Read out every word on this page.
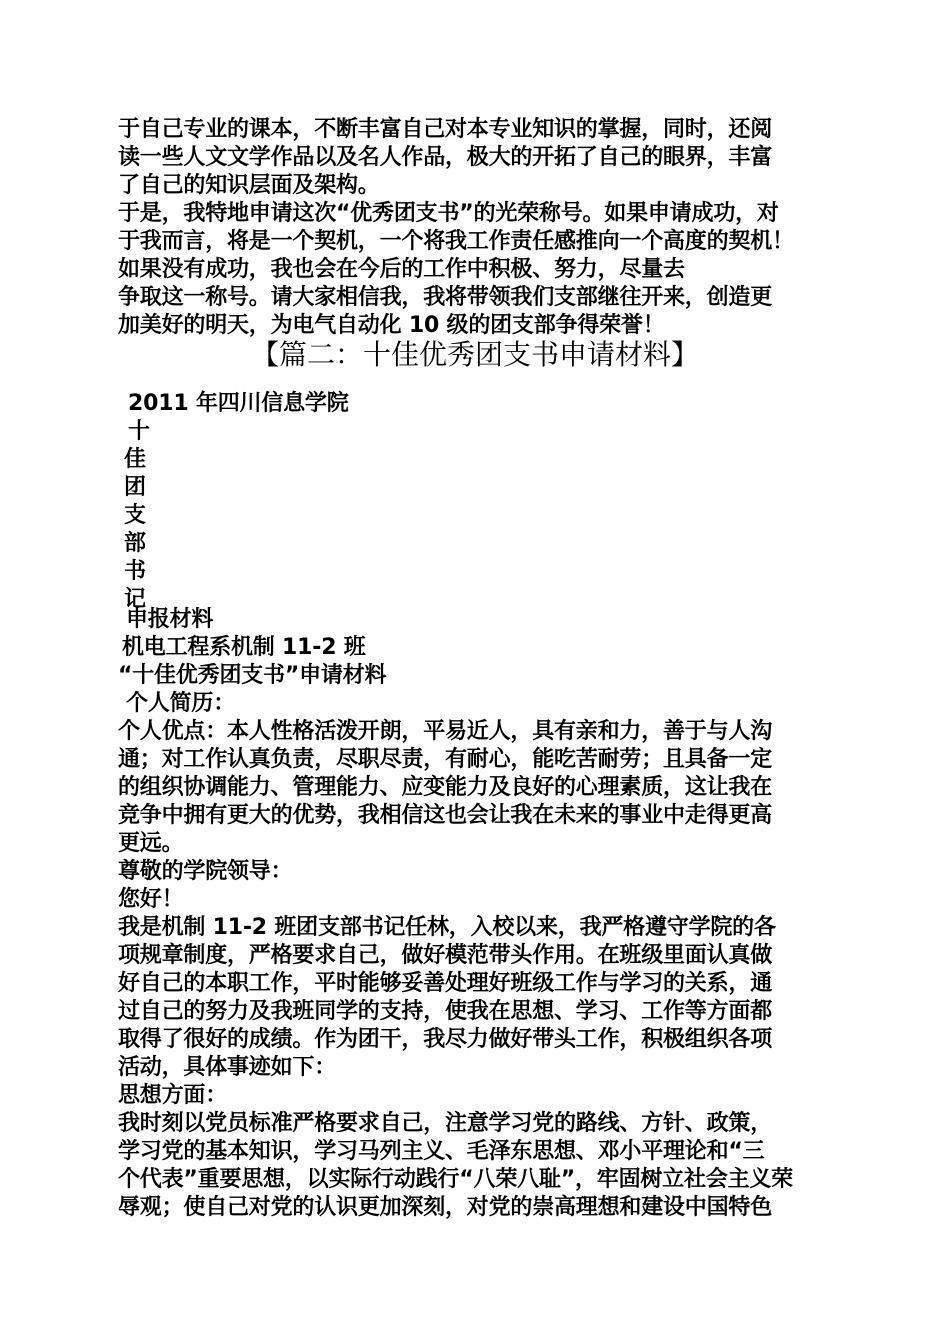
于自己专业的课本，不断丰富自己对本专业知识的掌握，同时，还阅
读一些人文文学作品以及名人作品，极大的开拓了自己的眼界，丰富
了自己的知识层面及架构。
于是，我特地申请这次“优秀团支书”的光荣称号。如果申请成功，对
于我而言，将是一个契机，一个将我工作责任感推向一个高度的契机！
如果没有成功，我也会在今后的工作中积极、努力，尽量去
争取这一称号。请大家相信我，我将带领我们支部继往开来，创造更
加美好的明天，为电气自动化 10 级的团支部争得荣誉！
【篇二：十佳优秀团支书申请材料】
2011 年四川信息学院
十
佳
团
支
部
书
记
申报材料
机电工程系机制 11-2 班
“十佳优秀团支书”申请材料
个人简历：
个人优点：本人性格活泼开朗，平易近人，具有亲和力，善于与人沟
通；对工作认真负责，尽职尽责，有耐心，能吃苦耐劳；且具备一定
的组织协调能力、管理能力、应变能力及良好的心理素质，这让我在
竞争中拥有更大的优势，我相信这也会让我在未来的事业中走得更高
更远。
尊敬的学院领导：
您好！
我是机制 11-2 班团支部书记任林，入校以来，我严格遵守学院的各
项规章制度，严格要求自己，做好模范带头作用。在班级里面认真做
好自己的本职工作，平时能够妥善处理好班级工作与学习的关系，通
过自己的努力及我班同学的支持，使我在思想、学习、工作等方面都
取得了很好的成绩。作为团干，我尽力做好带头工作，积极组织各项
活动，具体事迹如下：
思想方面：
我时刻以党员标准严格要求自己，注意学习党的路线、方针、政策，
学习党的基本知识，学习马列主义、毛泽东思想、邓小平理论和“三
个代表”重要思想，以实际行动践行“八荣八耻”，牢固树立社会主义荣
辱观；使自己对党的认识更加深刻，对党的崇高理想和建设中国特色
